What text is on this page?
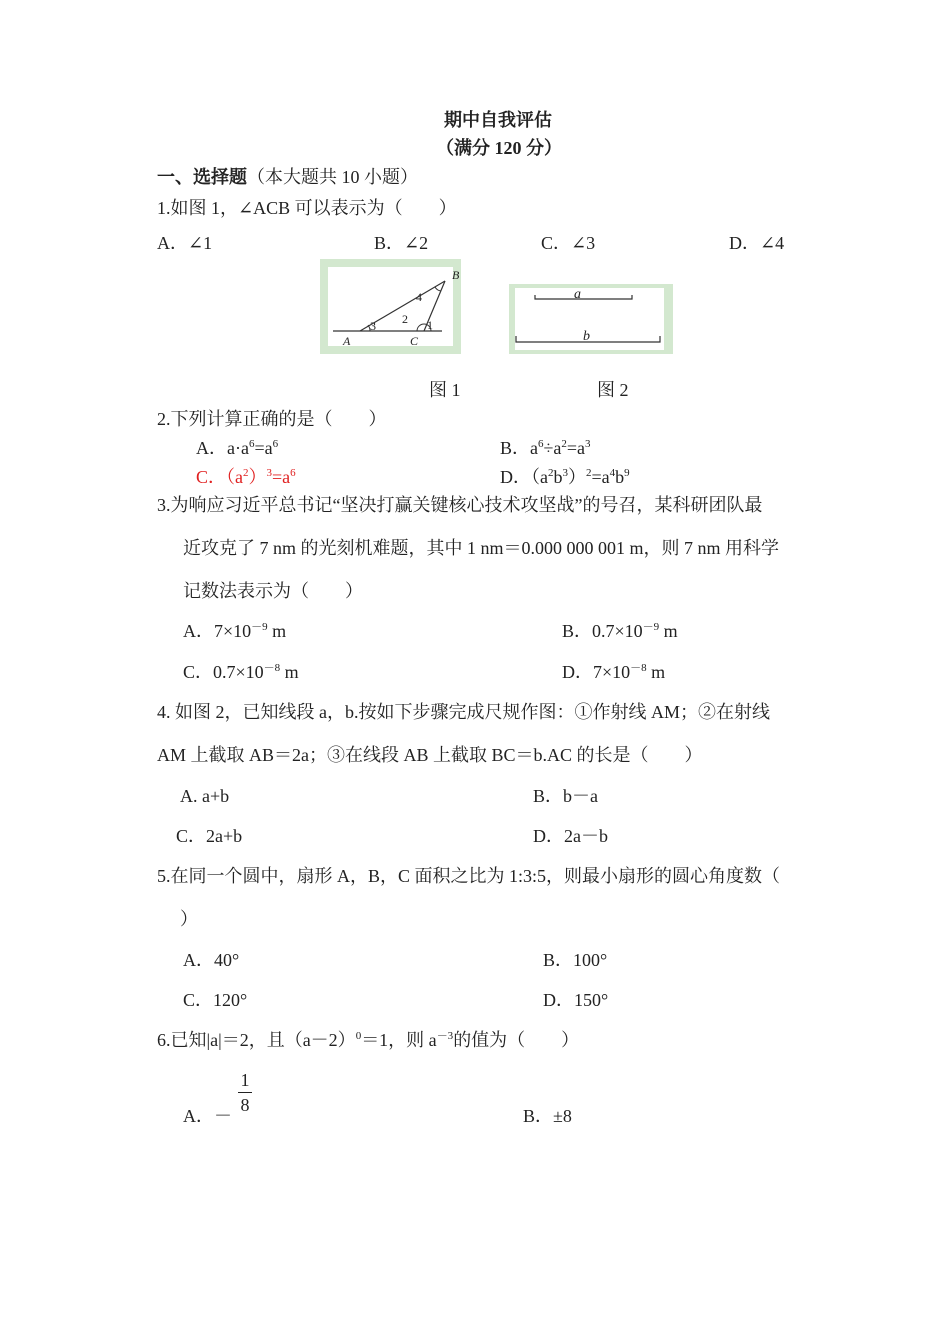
期中自我评估
（满分 120 分）
一、选择题（本大题共 10 小题）
1.如图 1，∠ACB 可以表示为（　　）
A．∠1	B．∠2	C．∠3	D．∠4
B
A	C
3 2 1
4	a
b
图 1	图 2
2.下列计算正确的是（　　）
A．$a\cdot a^6=a^6$	B．$a^6\div a^2=a^3$
C．$(a^2)^3=a^6$	D．$(a^2b^3)^2=a^4b^9$
3.为响应习近平总书记“坚决打赢关键核心技术攻坚战”的号召，某科研团队最
近攻克了 7 nm 的光刻机难题，其中 1 nm＝0.000 000 001 m，则 7 nm 用科学
记数法表示为（　　）
A．$7\times 10^{-9}$ m	B．$0.7\times 10^{-9}$ m
C．$0.7\times 10^{-8}$ m	D．$7\times 10^{-8}$ m
4. 如图 2，已知线段 a，b.按如下步骤完成尺规作图：①作射线 AM；②在射线
AM 上截取 AB＝2a；③在线段 AB 上截取 BC＝b.AC 的长是（　　）
A. a+b	B．b－a
C．2a+b	D．2a－b
5.在同一个圆中，扇形 A，B，C 面积之比为 1:3:5，则最小扇形的圆心角度数（
）
A．40°	B．100°
C．120°	D．150°
6.已知|a|＝2，且$(a-2)^0=1$，则 $a^{-3}$的值为（　　）
A．－
1
8
B．±8
